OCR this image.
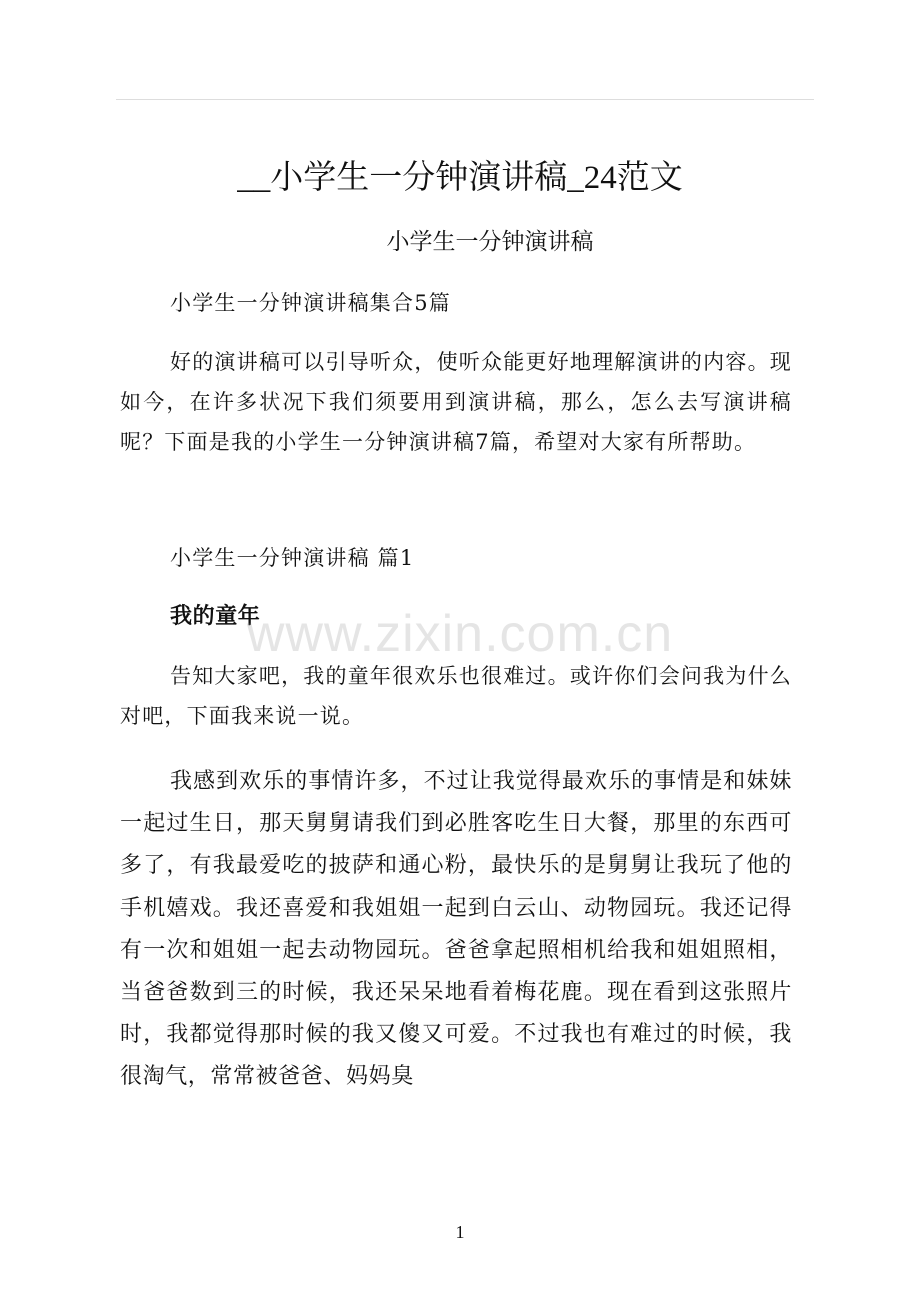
__小学生一分钟演讲稿_24范文

小学生一分钟演讲稿

小学生一分钟演讲稿集合5篇

好的演讲稿可以引导听众，使听众能更好地理解演讲的内容。现如今，在许多状况下我们须要用到演讲稿，那么，怎么去写演讲稿呢？下面是我的小学生一分钟演讲稿7篇，希望对大家有所帮助。

小学生一分钟演讲稿 篇1

我的童年

告知大家吧，我的童年很欢乐也很难过。或许你们会问我为什么对吧，下面我来说一说。

我感到欢乐的事情许多，不过让我觉得最欢乐的事情是和妹妹一起过生日，那天舅舅请我们到必胜客吃生日大餐，那里的东西可多了，有我最爱吃的披萨和通心粉，最快乐的是舅舅让我玩了他的手机嬉戏。我还喜爱和我姐姐一起到白云山、动物园玩。我还记得有一次和姐姐一起去动物园玩。爸爸拿起照相机给我和姐姐照相，当爸爸数到三的时候，我还呆呆地看着梅花鹿。现在看到这张照片时，我都觉得那时候的我又傻又可爱。不过我也有难过的时候，我很淘气，常常被爸爸、妈妈臭

www.zixin.com.cn
1
